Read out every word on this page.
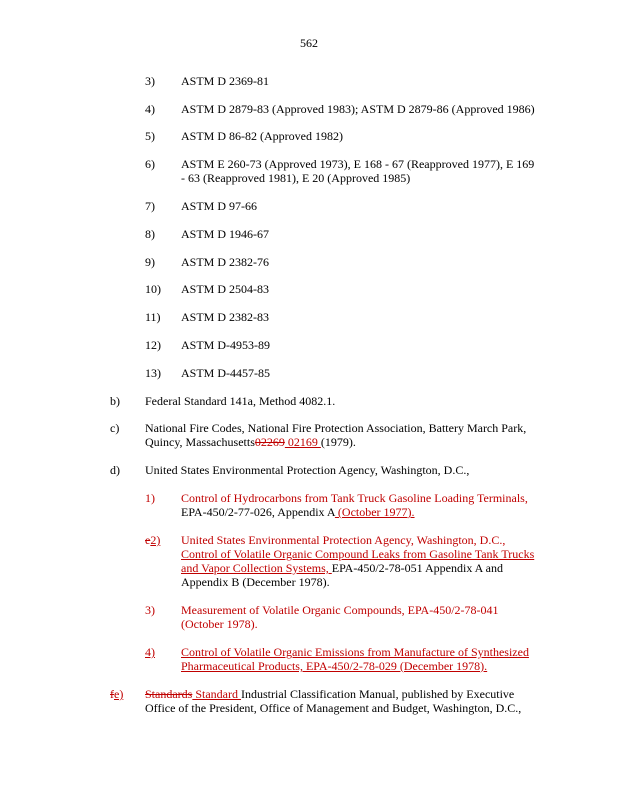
562
3) ASTM D 2369-81
4) ASTM D 2879-83 (Approved 1983); ASTM D 2879-86 (Approved 1986)
5) ASTM D 86-82 (Approved 1982)
6) ASTM E 260-73 (Approved 1973), E 168 - 67 (Reapproved 1977), E 169
- 63 (Reapproved 1981), E 20 (Approved 1985)
7) ASTM D 97-66
8) ASTM D 1946-67
9) ASTM D 2382-76
10) ASTM D 2504-83
11) ASTM D 2382-83
12) ASTM D-4953-89
13) ASTM D-4457-85
b) Federal Standard 141a, Method 4082.1.
c) National Fire Codes, National Fire Protection Association, Battery March Park,
Quincy, Massachusetts02269 02169 (1979).
d) United States Environmental Protection Agency, Washington, D.C.,
1) Control of Hydrocarbons from Tank Truck Gasoline Loading Terminals,
EPA-450/2-77-026, Appendix A (October 1977).
e2) United States Environmental Protection Agency, Washington, D.C.,
Control of Volatile Organic Compound Leaks from Gasoline Tank Trucks
and Vapor Collection Systems, EPA-450/2-78-051 Appendix A and
Appendix B (December 1978).
3) Measurement of Volatile Organic Compounds, EPA-450/2-78-041
(October 1978).
4) Control of Volatile Organic Emissions from Manufacture of Synthesized
Pharmaceutical Products, EPA-450/2-78-029 (December 1978).
fe) Standards Standard Industrial Classification Manual, published by Executive
Office of the President, Office of Management and Budget, Washington, D.C.,
